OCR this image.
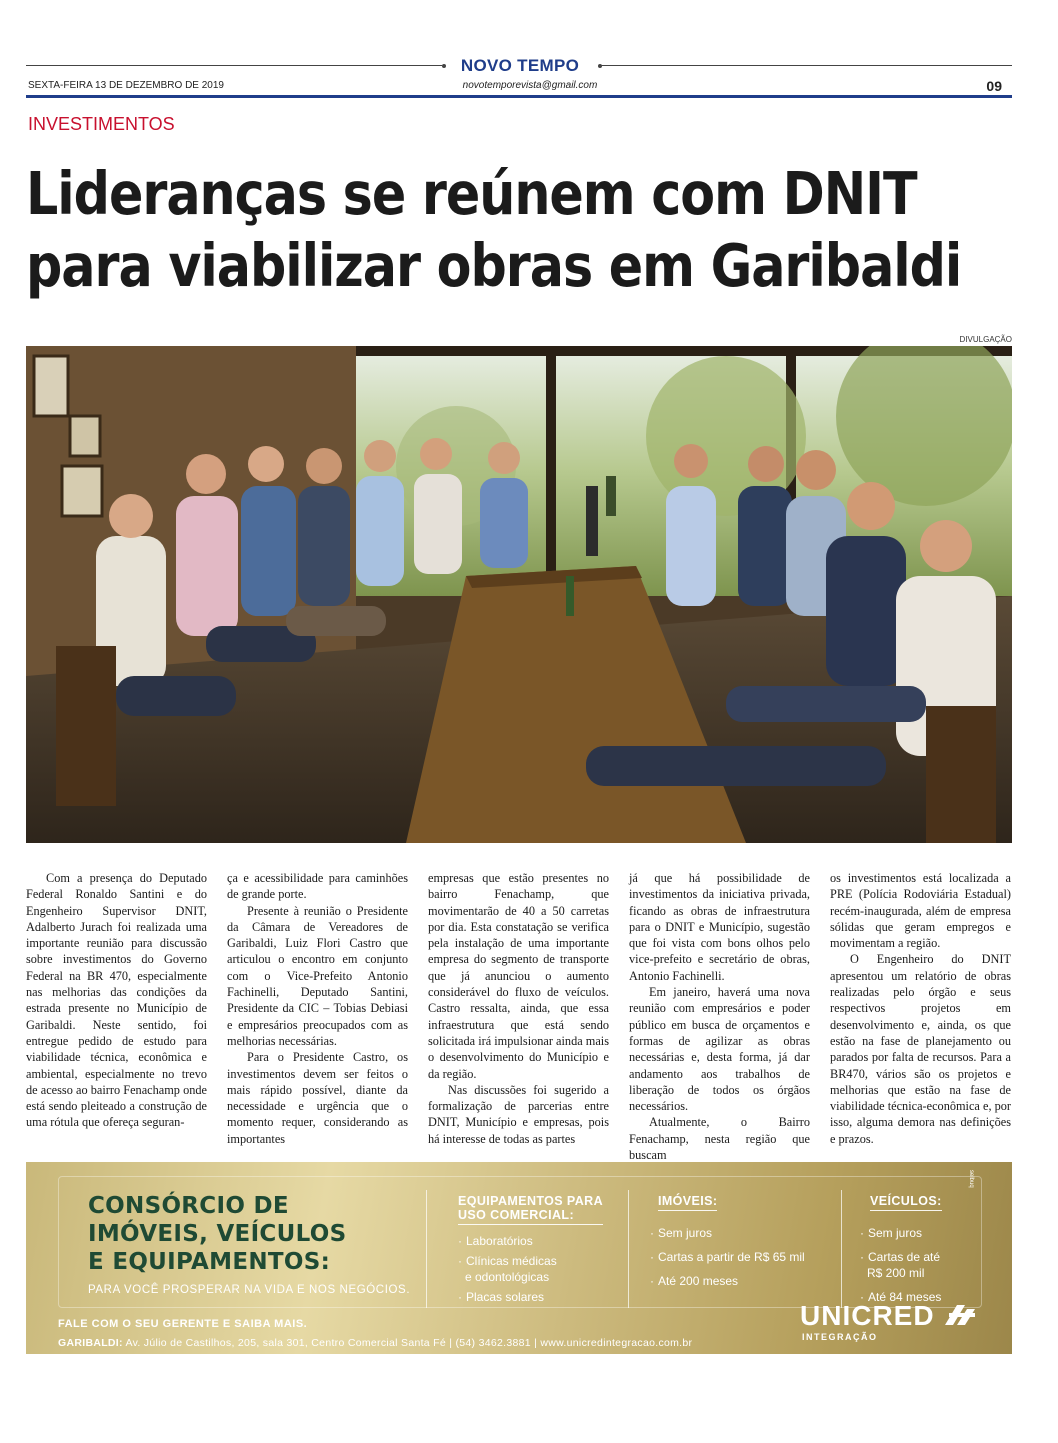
NOVO TEMPO
SEXTA-FEIRA 13 DE DEZEMBRO DE 2019	novotemporevista@gmail.com	09
INVESTIMENTOS
Lideranças se reúnem com DNIT
para viabilizar obras em Garibaldi
DIVULGAÇÃO

Com a presença do Deputado Federal Ronaldo Santini e do Engenheiro Supervisor DNIT, Adalberto Jurach foi realizada uma importante reunião para discussão sobre investimentos do Governo Federal na BR 470, especialmente nas melhorias das condições da estrada presente no Município de Garibaldi. Neste sentido, foi entregue pedido de estudo para viabilidade técnica, econômica e ambiental, especialmente no trevo de acesso ao bairro Fenachamp onde está sendo pleiteado a construção de uma rótula que ofereça seguran-

ça e acessibilidade para caminhões de grande porte.

Presente à reunião o Presidente da Câmara de Vereadores de Garibaldi, Luiz Flori Castro que articulou o encontro em conjunto com o Vice-Prefeito Antonio Fachinelli, Deputado Santini, Presidente da CIC – Tobias Debiasi e empresários preocupados com as melhorias necessárias.

Para o Presidente Castro, os investimentos devem ser feitos o mais rápido possível, diante da necessidade e urgência que o momento requer, considerando as importantes

empresas que estão presentes no bairro Fenachamp, que movimentarão de 40 a 50 carretas por dia. Esta constatação se verifica pela instalação de uma importante empresa do segmento de transporte que já anunciou o aumento considerável do fluxo de veículos. Castro ressalta, ainda, que essa infraestrutura que está sendo solicitada irá impulsionar ainda mais o desenvolvimento do Município e da região.

Nas discussões foi sugerido a formalização de parcerias entre DNIT, Município e empresas, pois há interesse de todas as partes

já que há possibilidade de investimentos da iniciativa privada, ficando as obras de infraestrutura para o DNIT e Município, sugestão que foi vista com bons olhos pelo vice-prefeito e secretário de obras, Antonio Fachinelli.

Em janeiro, haverá uma nova reunião com empresários e poder público em busca de orçamentos e formas de agilizar as obras necessárias e, desta forma, já dar andamento aos trabalhos de liberação de todos os órgãos necessários.

Atualmente, o Bairro Fenachamp, nesta região que buscam

os investimentos está localizada a PRE (Polícia Rodoviária Estadual) recém-inaugurada, além de empresa sólidas que geram empregos e movimentam a região.

O Engenheiro do DNIT apresentou um relatório de obras realizadas pelo órgão e seus respectivos projetos em desenvolvimento e, ainda, os que estão na fase de planejamento ou parados por falta de recursos. Para a BR470, vários são os projetos e melhorias que estão na fase de viabilidade técnica-econômica e, por isso, alguma demora nas definições e prazos.

CONSÓRCIO DE
IMÓVEIS, VEÍCULOS
E EQUIPAMENTOS:
PARA VOCÊ PROSPERAR NA VIDA E NOS NEGÓCIOS.
EQUIPAMENTOS PARA
USO COMERCIAL:
· Laboratórios
· Clínicas médicas
e odontológicas
· Placas solares
IMÓVEIS:
· Sem juros
· Cartas a partir de R$ 65 mil
· Até 200 meses
VEÍCULOS:
· Sem juros
· Cartas de até
R$ 200 mil
· Até 84 meses
FALE COM O SEU GERENTE E SAIBA MAIS.
GARIBALDI: Av. Júlio de Castilhos, 205, sala 301, Centro Comercial Santa Fé | (54) 3462.3881 | www.unicredintegracao.com.br
UNICRED
INTEGRAÇÃO
selbuq
